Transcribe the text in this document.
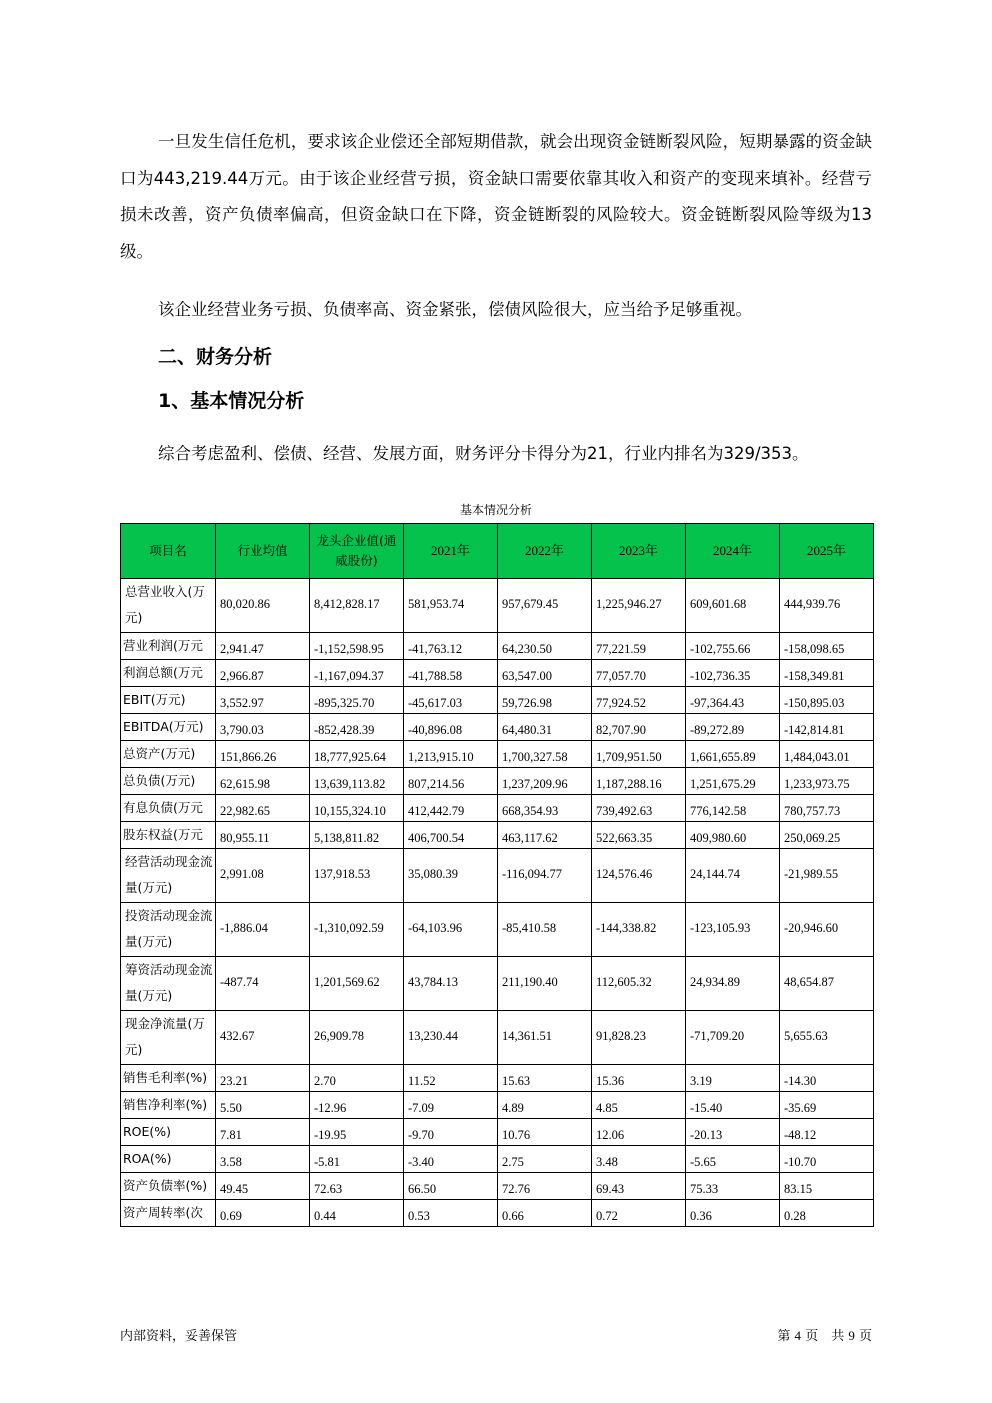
一旦发生信任危机，要求该企业偿还全部短期借款，就会出现资金链断裂风险，短期暴露的资金缺口为443,219.44万元。由于该企业经营亏损，资金缺口需要依靠其收入和资产的变现来填补。经营亏损未改善，资产负债率偏高，但资金缺口在下降，资金链断裂的风险较大。资金链断裂风险等级为13级。
该企业经营业务亏损、负债率高、资金紧张，偿债风险很大，应当给予足够重视。
二、财务分析
1、基本情况分析
综合考虑盈利、偿债、经营、发展方面，财务评分卡得分为21，行业内排名为329/353。
基本情况分析
项目名	行业均值	龙头企业值(通威股份)	2021年	2022年	2023年	2024年	2025年
总营业收入(万元)	80,020.86	8,412,828.17	581,953.74	957,679.45	1,225,946.27	609,601.68	444,939.76
营业利润(万元	2,941.47	-1,152,598.95	-41,763.12	64,230.50	77,221.59	-102,755.66	-158,098.65
利润总额(万元	2,966.87	-1,167,094.37	-41,788.58	63,547.00	77,057.70	-102,736.35	-158,349.81
EBIT(万元)	3,552.97	-895,325.70	-45,617.03	59,726.98	77,924.52	-97,364.43	-150,895.03
EBITDA(万元)	3,790.03	-852,428.39	-40,896.08	64,480.31	82,707.90	-89,272.89	-142,814.81
总资产(万元)	151,866.26	18,777,925.64	1,213,915.10	1,700,327.58	1,709,951.50	1,661,655.89	1,484,043.01
总负债(万元)	62,615.98	13,639,113.82	807,214.56	1,237,209.96	1,187,288.16	1,251,675.29	1,233,973.75
有息负债(万元	22,982.65	10,155,324.10	412,442.79	668,354.93	739,492.63	776,142.58	780,757.73
股东权益(万元	80,955.11	5,138,811.82	406,700.54	463,117.62	522,663.35	409,980.60	250,069.25
经营活动现金流量(万元)	2,991.08	137,918.53	35,080.39	-116,094.77	124,576.46	24,144.74	-21,989.55
投资活动现金流量(万元)	-1,886.04	-1,310,092.59	-64,103.96	-85,410.58	-144,338.82	-123,105.93	-20,946.60
筹资活动现金流量(万元)	-487.74	1,201,569.62	43,784.13	211,190.40	112,605.32	24,934.89	48,654.87
现金净流量(万元)	432.67	26,909.78	13,230.44	14,361.51	91,828.23	-71,709.20	5,655.63
销售毛利率(%)	23.21	2.70	11.52	15.63	15.36	3.19	-14.30
销售净利率(%)	5.50	-12.96	-7.09	4.89	4.85	-15.40	-35.69
ROE(%)	7.81	-19.95	-9.70	10.76	12.06	-20.13	-48.12
ROA(%)	3.58	-5.81	-3.40	2.75	3.48	-5.65	-10.70
资产负债率(%)	49.45	72.63	66.50	72.76	69.43	75.33	83.15
资产周转率(次	0.69	0.44	0.53	0.66	0.72	0.36	0.28
内部资料，妥善保管	第 4 页　共 9 页
